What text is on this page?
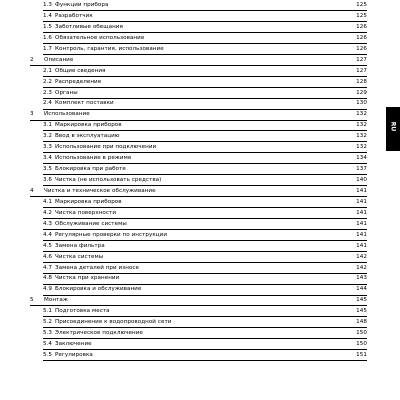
1.3 Функции прибора	125
1.4 Разработчик	125
1.5 Заботливые обещания	126
1.6 Обязательное использование	126
1.7 Контроль, гарантия, использование	126
2 Описание	127
2.1 Общие сведения	127
2.2 Распределение	128
2.3 Органы	129
2.4 Комплект поставки	130
3 Использование	132
3.1 Маркировка приборов	132
3.2 Ввод в эксплуатацию	132
3.3 Использование при подключении	132
3.4 Использование в режиме	134
3.5 Блокировка при работе	137
3.6 Чистка (не использовать средства)	140
4 Чистка и техническое обслуживание	141
4.1 Маркировка приборов	141
4.2 Чистка поверхности	141
4.3 Обслуживание системы	141
4.4 Регулярные проверки по инструкции	141
4.5 Замена фильтра	141
4.6 Чистка системы	142
4.7 Замена деталей при износе	142
4.8 Чистка при хранении	143
4.9 Блокировка и обслуживание	144
5 Монтаж	145
5.1 Подготовка места	145
5.2 Присоединение к водопроводной сети	148
5.3 Электрическое подключение	150
5.4 Заключение	150
5.5 Регулировка	151
RU
